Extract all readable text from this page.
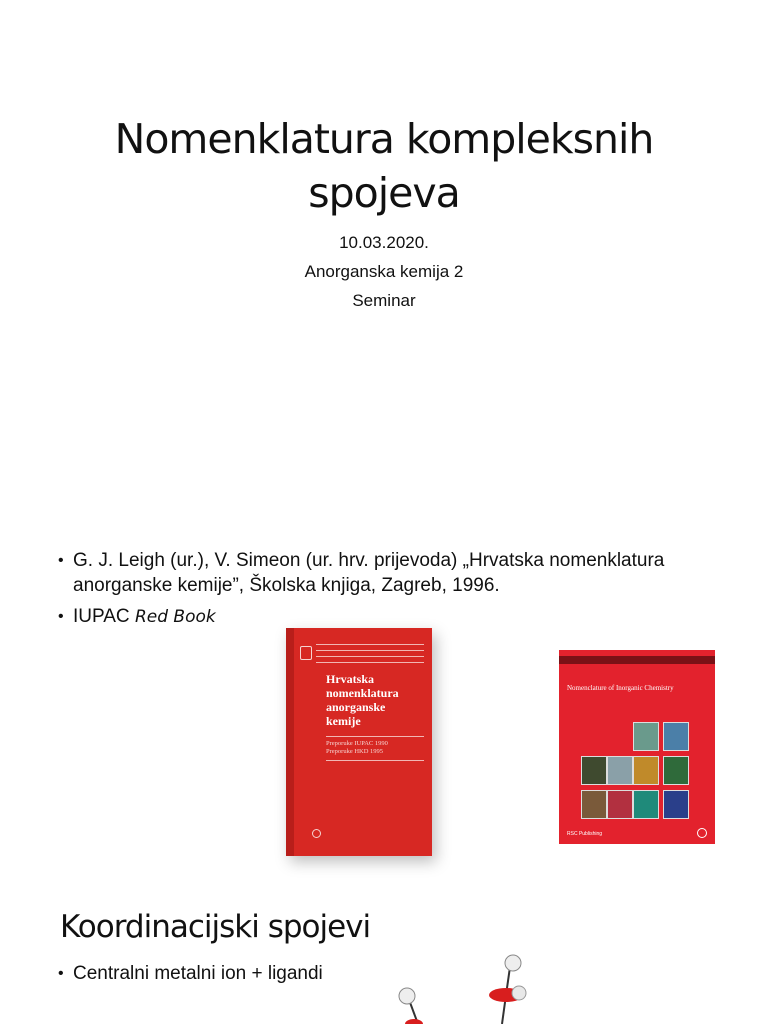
Nomenklatura kompleksnih
spojeva
10.03.2020.
Anorganska kemija 2
Seminar
• G. J. Leigh (ur.), V. Simeon (ur. hrv. prijevoda) „Hrvatska nomenklatura
anorganske kemije”, Školska knjiga, Zagreb, 1996.
• IUPAC Red Book
Hrvatska
nomenklatura
anorganske
kemije
Preporuke IUPAC 1990
Preporuke HKD 1995
Nomenclature of Inorganic Chemistry
RSC Publishing
Koordinacijski spojevi
• Centralni metalni ion + ligandi
